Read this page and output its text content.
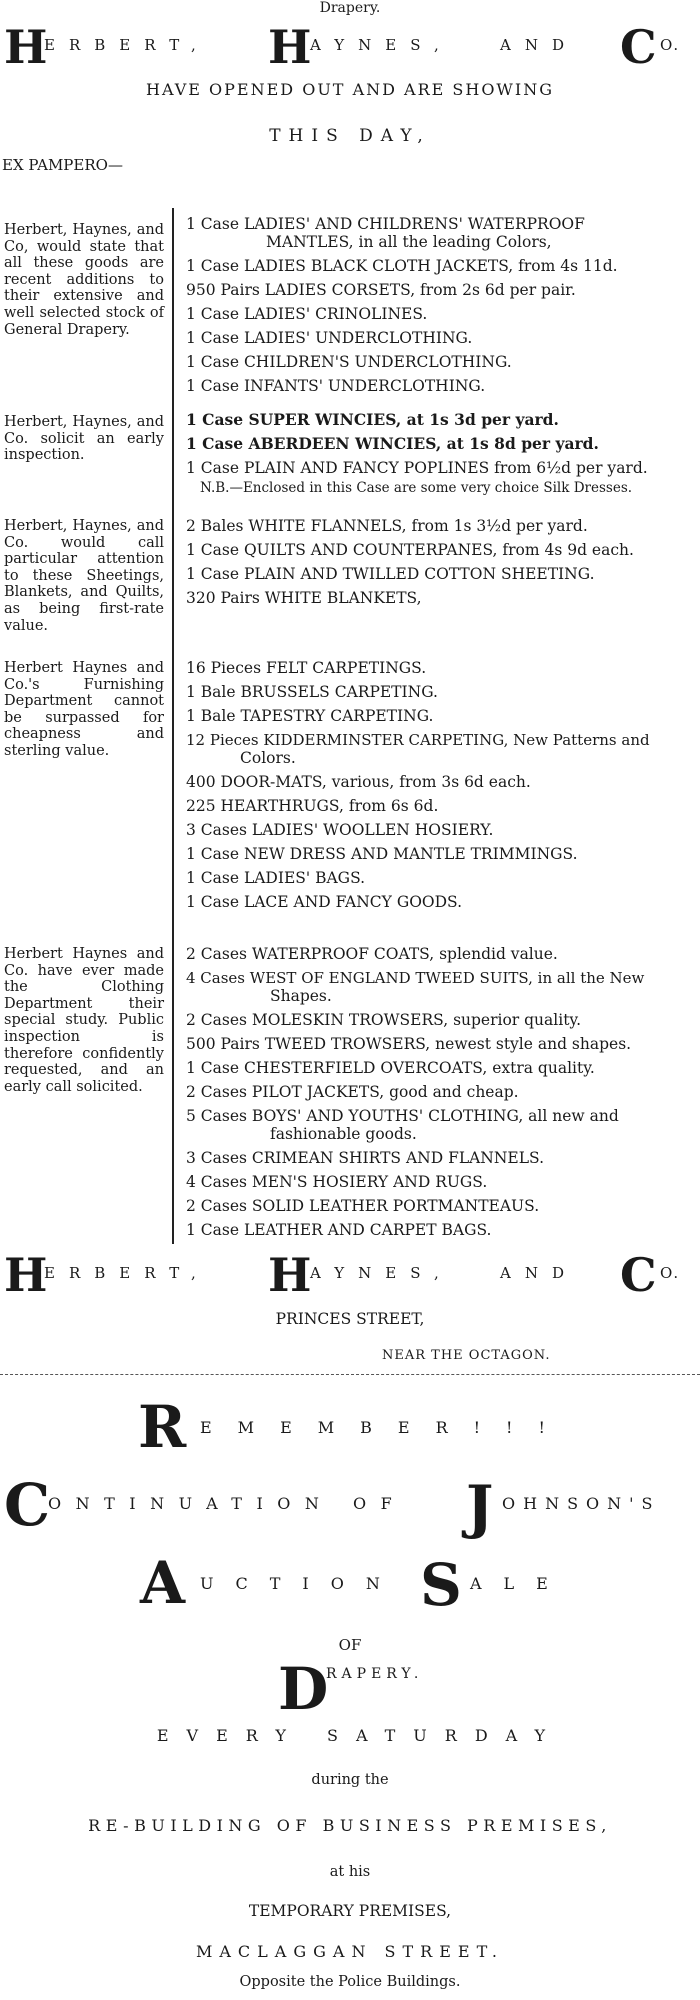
Drapery.
H
ERBERT, H
AYNES,	AND C O.
HAVE OPENED OUT AND ARE SHOWING
THIS DAY,
EX PAMPERO—
Herbert, Haynes, and Co, would state that all these goods are recent additions to their extensive and well selected stock of General Drapery.
Herbert, Haynes, and Co. solicit an early inspection.
Herbert, Haynes, and Co. would call particular attention to these Sheetings, Blankets, and Quilts, as being first-rate value.
Herbert Haynes and Co.'s Furnishing Department cannot be surpassed for cheapness and sterling value.
Herbert Haynes and Co. have ever made the Clothing Department their special study. Public inspection is therefore confidently requested, and an early call solicited.
1 Case LADIES' AND CHILDRENS' WATERPROOF
MANTLES, in all the leading Colors,
1 Case LADIES BLACK CLOTH JACKETS, from 4s 11d.
950 Pairs LADIES CORSETS, from 2s 6d per pair.
1 Case LADIES' CRINOLINES.
1 Case LADIES' UNDERCLOTHING.
1 Case CHILDREN'S UNDERCLOTHING.
1 Case INFANTS' UNDERCLOTHING.
1 Case SUPER WINCIES, at 1s 3d per yard.
1 Case ABERDEEN WINCIES, at 1s 8d per yard.
1 Case PLAIN AND FANCY POPLINES from 6½d per yard.
N.B.—Enclosed in this Case are some very choice Silk Dresses.
2 Bales WHITE FLANNELS, from 1s 3½d per yard.
1 Case QUILTS AND COUNTERPANES, from 4s 9d each.
1 Case PLAIN AND TWILLED COTTON SHEETING.
320 Pairs WHITE BLANKETS,
16 Pieces FELT CARPETINGS.
1 Bale BRUSSELS CARPETING.
1 Bale TAPESTRY CARPETING.
12 Pieces KIDDERMINSTER CARPETING, New Patterns and
Colors.
400 DOOR-MATS, various, from 3s 6d each.
225 HEARTHRUGS, from 6s 6d.
3 Cases LADIES' WOOLLEN HOSIERY.
1 Case NEW DRESS AND MANTLE TRIMMINGS.
1 Case LADIES' BAGS.
1 Case LACE AND FANCY GOODS.
2 Cases WATERPROOF COATS, splendid value.
4 Cases WEST OF ENGLAND TWEED SUITS, in all the New
Shapes.
2 Cases MOLESKIN TROWSERS, superior quality.
500 Pairs TWEED TROWSERS, newest style and shapes.
1 Case CHESTERFIELD OVERCOATS, extra quality.
2 Cases PILOT JACKETS, good and cheap.
5 Cases BOYS' AND YOUTHS' CLOTHING, all new and
fashionable goods.
3 Cases CRIMEAN SHIRTS AND FLANNELS.
4 Cases MEN'S HOSIERY AND RUGS.
2 Cases SOLID LEATHER PORTMANTEAUS.
1 Case LEATHER AND CARPET BAGS.
H
ERBERT, H
AYNES,	AND C O.
PRINCES STREET,
NEAR THE OCTAGON.
R EMEMBER!!!
C
ONTINUATION OF J OHNSON'S
A UCTION S ALE
OF
D
RAPERY.
EVERY SATURDAY
during the
RE-BUILDING OF BUSINESS PREMISES,
at his
TEMPORARY PREMISES,
MACLAGGAN STREET.
Opposite the Police Buildings.
